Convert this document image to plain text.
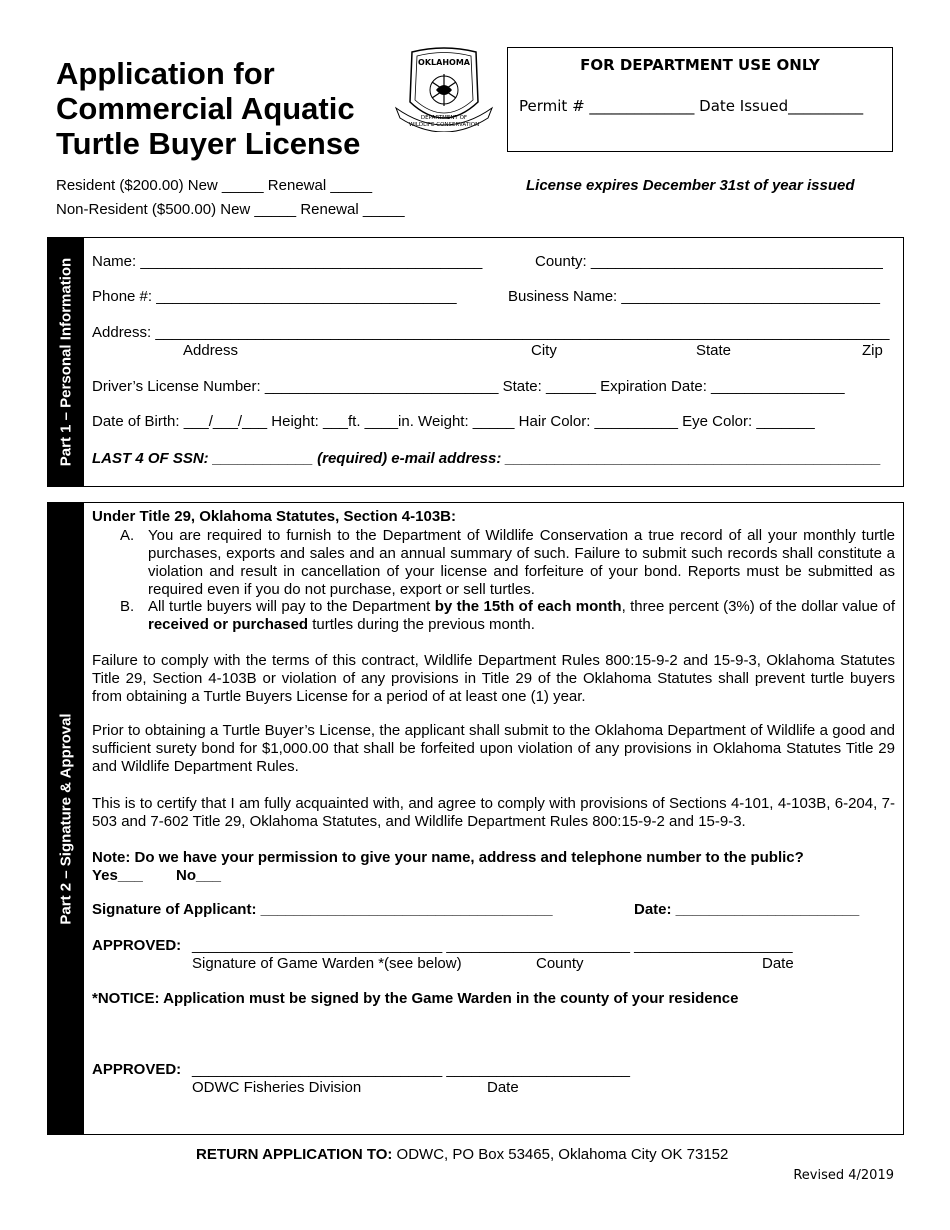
Application for Commercial Aquatic Turtle Buyer License
OKLAHOMA
DEPARTMENT OF
WILDLIFE CONSERVATION
FOR DEPARTMENT USE ONLY
Permit # ______________ Date Issued__________
Resident ($200.00) New _____ Renewal _____
Non-Resident ($500.00) New _____ Renewal _____
License expires December 31st of year issued
Part 1 – Personal Information Name: _________________________________________	County: ___________________________________
Phone #: ____________________________________	Business Name: _______________________________
Address: ________________________________________________________________________________________
Address	City	State	Zip
Driver’s License Number: ____________________________ State: ______ Expiration Date: ________________
Date of Birth: ___/___/___ Height: ___ft. ____in. Weight: _____ Hair Color: __________ Eye Color: _______
LAST 4 OF SSN: ____________ (required) e-mail address: _____________________________________________
Part 2 – Signature & Approval
Under Title 29, Oklahoma Statutes, Section 4-103B:
A. You are required to furnish to the Department of Wildlife Conservation a true record of all your monthly turtle purchases, exports and sales and an annual summary of such. Failure to submit such records shall constitute a violation and result in cancellation of your license and forfeiture of your bond. Reports must be submitted as required even if you do not purchase, export or sell turtles.
B. All turtle buyers will pay to the Department by the 15th of each month, three percent (3%) of the dollar value of received or purchased turtles during the previous month.
Failure to comply with the terms of this contract, Wildlife Department Rules 800:15-9-2 and 15-9-3, Oklahoma Statutes Title 29, Section 4-103B or violation of any provisions in Title 29 of the Oklahoma Statutes shall prevent turtle buyers from obtaining a Turtle Buyers License for a period of at least one (1) year.
Prior to obtaining a Turtle Buyer’s License, the applicant shall submit to the Oklahoma Department of Wildlife a good and sufficient surety bond for $1,000.00 that shall be forfeited upon violation of any provisions in Oklahoma Statutes Title 29 and Wildlife Department Rules.
This is to certify that I am fully acquainted with, and agree to comply with provisions of Sections 4-101, 4-103B, 6-204, 7- 503 and 7-602 Title 29, Oklahoma Statutes, and Wildlife Department Rules 800:15-9-2 and 15-9-3.
Note: Do we have your permission to give your name, address and telephone number to the public?
Yes___ No___
Signature of Applicant: ___________________________________	Date: ______________________
APPROVED: ______________________________ ______________________ ___________________
Signature of Game Warden *(see below)	County	Date
*NOTICE: Application must be signed by the Game Warden in the county of your residence
APPROVED: ______________________________ ______________________
ODWC Fisheries Division	Date
RETURN APPLICATION TO: ODWC, PO Box 53465, Oklahoma City OK 73152
Revised 4/2019
